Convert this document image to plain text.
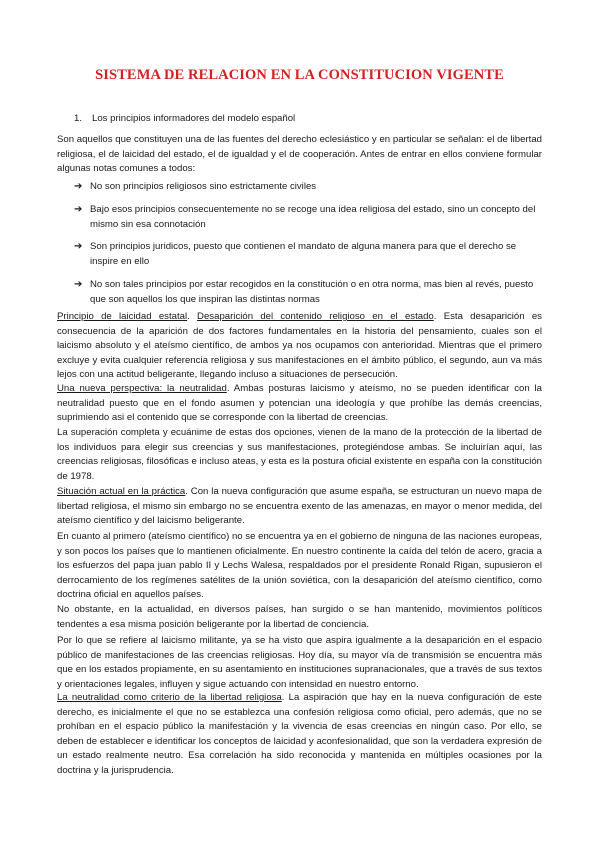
SISTEMA DE RELACION EN LA CONSTITUCION VIGENTE
1. Los principios informadores del modelo español

Son aquellos que constituyen una de las fuentes del derecho eclesiástico y en particular se señalan: el de libertad religiosa, el de laicidad del estado, el de igualdad y el de cooperación. Antes de entrar en ellos conviene formular algunas notas comunes a todos:

➔ No son principios religiosos sino estrictamente civiles
➔ Bajo esos principios consecuentemente no se recoge una idea religiosa del estado, sino un concepto del mismo sin esa connotación
➔ Son principios juridicos, puesto que contienen el mandato de alguna manera para que el derecho se inspire en ello
➔ No son tales principios por estar recogidos en la constitución o en otra norma, mas bien al revés, puesto que son aquellos los que inspiran las distintas normas

Principio de laicidad estatal. Desaparición del contenido religioso en el estado. Esta desaparición es consecuencia de la aparición de dos factores fundamentales en la historia del pensamiento, cuales son el laicismo absoluto y el ateísmo científico, de ambos ya nos ocupamos con anterioridad. Mientras que el primero excluye y evita cualquier referencia religiosa y sus manifestaciones en el ámbito público, el segundo, aun va más lejos con una actitud beligerante, llegando incluso a situaciones de persecución.

Una nueva perspectiva: la neutralidad. Ambas posturas laicismo y ateísmo, no se pueden identificar con la neutralidad puesto que en el fondo asumen y potencian una ideología y que prohíbe las demás creencias, suprimiendo asi el contenido que se corresponde con la libertad de creencias.

La superación completa y ecuánime de estas dos opciones, vienen de la mano de la protección de la libertad de los individuos para elegir sus creencias y sus manifestaciones, protegiéndose ambas. Se incluirían aquí, las creencias religiosas, filosóficas e incluso ateas, y esta es la postura oficial existente en españa con la constitución de 1978.

Situación actual en la práctica. Con la nueva configuración que asume españa, se estructuran un nuevo mapa de libertad religiosa, el mismo sin embargo no se encuentra exento de las amenazas, en mayor o menor medida, del ateísmo científico y del laicismo beligerante.

En cuanto al primero (ateísmo científico) no se encuentra ya en el gobierno de ninguna de las naciones europeas, y son pocos los países que lo mantienen oficialmente. En nuestro continente la caída del telón de acero, gracia a los esfuerzos del papa juan pablo II y Lechs Walesa, respaldados por el presidente Ronald Rigan, supusieron el derrocamiento de los regímenes satélites de la unión soviética, con la desaparición del ateísmo científico, como doctrina oficial en aquellos países.

No obstante, en la actualidad, en diversos países, han surgido o se han mantenido, movimientos políticos tendentes a esa misma posición beligerante por la libertad de conciencia.

Por lo que se refiere al laicismo militante, ya se ha visto que aspira igualmente a la desaparición en el espacio público de manifestaciones de las creencias religiosas. Hoy día, su mayor vía de transmisión se encuentra más que en los estados propiamente, en su asentamiento en instituciones supranacionales, que a través de sus textos y orientaciones legales, influyen y sigue actuando con intensidad en nuestro entorno.

La neutralidad como criterio de la libertad religiosa. La aspiración que hay en la nueva configuración de este derecho, es inicialmente el que no se establezca una confesión religiosa como oficial, pero además, que no se prohíban en el espacio público la manifestación y la vivencia de esas creencias en ningún caso. Por ello, se deben de establecer e identificar los conceptos de laicidad y aconfesionalidad, que son la verdadera expresión de un estado realmente neutro. Esa correlación ha sido reconocida y mantenida en múltiples ocasiones por la doctrina y la jurisprudencia.
